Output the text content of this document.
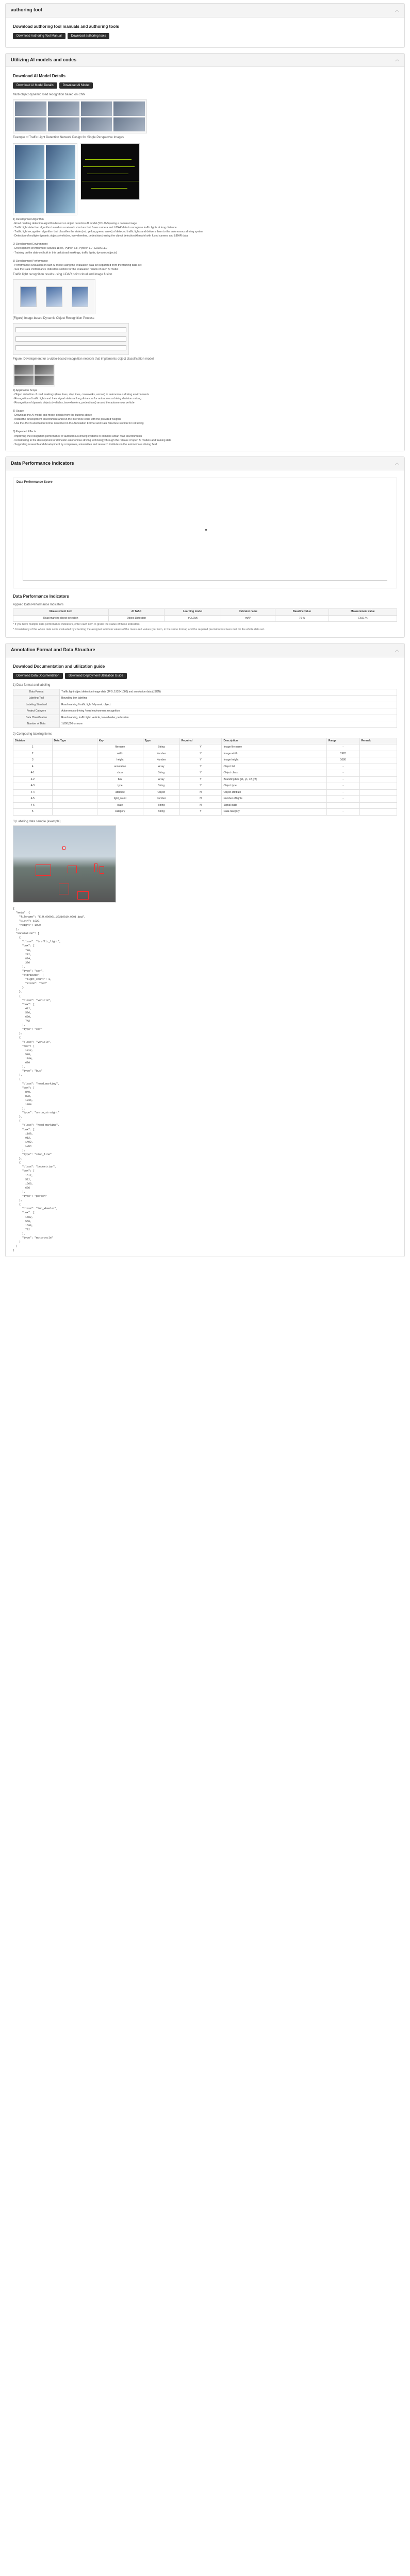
authoring tool	︿
Download authoring tool manuals and authoring tools
Download Authoring Tool Manual	Download authoring tools
Utilizing AI models and codes	︿
Download AI Model Details
Download AI Model Details	Download AI Model
Multi-object dynamic road recognition based on CNN
Example of Traffic Light Detection Network Design for Single Perspective Images
1) Development Algorithm
· Road marking detection algorithm based on object detection AI model (YOLOv5) using a camera image
· Traffic light detection algorithm based on a network structure that fuses camera and LiDAR data to recognize traffic lights at long distance
· Traffic light recognition algorithm that classifies the state (red, yellow, green, arrow) of detected traffic lights and delivers them to the autonomous driving system
· Detection of multiple dynamic objects (vehicles, two-wheelers, pedestrians) using the object detection AI model with fused camera and LiDAR data

2) Development Environment
· Development environment: Ubuntu 18.04, Python 3.8, Pytorch 1.7, CUDA 11.0
· Training on the data-set built in this task (road markings, traffic lights, dynamic objects)

3) Development Performance
· Performance evaluation of each AI model using the evaluation data-set separated from the training data-set
· See the Data Performance Indicators section for the evaluation results of each AI model
Traffic light recognition results using LiDAR point cloud and image fusion
[Figure] Image-based Dynamic Object Recognition Process
Figure: Development for a video-based recognition network that implements object classification model
4) Application Scope
· Object detection of road markings (lane lines, stop lines, crosswalks, arrows) in autonomous driving environments
· Recognition of traffic lights and their signal states at long distances for autonomous driving decision making
· Recognition of dynamic objects (vehicles, two-wheelers, pedestrians) around the autonomous vehicle

5) Usage
· Download the AI model and model details from the buttons above
· Install the development environment and run the inference code with the provided weights
· Use the JSON annotation format described in the Annotation Format and Data Structure section for retraining

6) Expected Effects
· Improving the recognition performance of autonomous driving systems in complex urban road environments
· Contributing to the development of domestic autonomous driving technology through the release of open AI models and training data
· Supporting research and development by companies, universities and research institutes in the autonomous driving field
Data Performance Indicators	︿
Data Performance Score
Data Performance Indicators
Applied Data Performance Indicators
Measurement item	AI TASK	Learning model	Indicator name	Baseline value	Measurement value
Road marking object detection	Object Detection	YOLOv5	mAP	70 %	73.51 %
* If you have multiple data performance indicators, enter each item to grade the status of these indicators.
* Consistency of the whole data set is evaluated by checking the assigned attribute values of the measured values (per item, in the same format) and the required precision has been met for the whole data set.
Annotation Format and Data Structure	︿
Download Documentation and utilization guide
Download Data Documentation	Download Deployment Utilization Guide
1) Data format and labeling
Data Format	Traffic light object detection image data (JPG, 1920×1080) and annotation data (JSON)
Labeling Tool	Bounding box labeling
Labeling Standard	Road marking / traffic light / dynamic object
Project Category	Autonomous driving / road environment recognition
Data Classification	Road marking, traffic light, vehicle, two-wheeler, pedestrian
Number of Data	1,000,000 or more
2) Composing labeling items
Division	Data Type	Key	Type	Required	Description	Range	Remark
1		filename	String	Y	Image file name	-	
2		width	Number	Y	Image width	1920	
3		height	Number	Y	Image height	1080	
4		annotation	Array	Y	Object list	-	
4-1		class	String	Y	Object class	-	
4-2		box	Array	Y	Bounding box [x1, y1, x2, y2]	-	
4-3		type	String	Y	Object type	-	
4-4		attribute	Object	N	Object attribute	-	
4-5		light_count	Number	N	Number of lights	-	
4-6		state	String	N	Signal state	-	
5		category	String	Y	Data category	-	
3) Labeling data sample (example)
{
"meta": {
"filename": "E_M_000001_20210819_0001.jpg",
"width": 1920,
"height": 1080
},
"annotation": [
{
"class": "traffic_light",
"box": [
786,
282,
824,
306
],
"type": "car",
"attribute": {
"light_count": 3,
"state": "red"
}
},
{
"class": "vehicle",
"box": [
412,
536,
690,
742
],
"type": "car"
},
{
"class": "vehicle",
"box": [
1012,
548,
1184,
690
],
"type": "bus"
},
{
"class": "road_marking",
"box": [
840,
802,
1036,
1004
],
"type": "arrow_straight"
},
{
"class": "road_marking",
"box": [
1188,
912,
1402,
1064
],
"type": "stop_line"
},
{
"class": "pedestrian",
"box": [
1512,
522,
1566,
686
],
"type": "person"
},
{
"class": "two_wheeler",
"box": [
1602,
560,
1690,
702
],
"type": "motorcycle"
}
]
}
